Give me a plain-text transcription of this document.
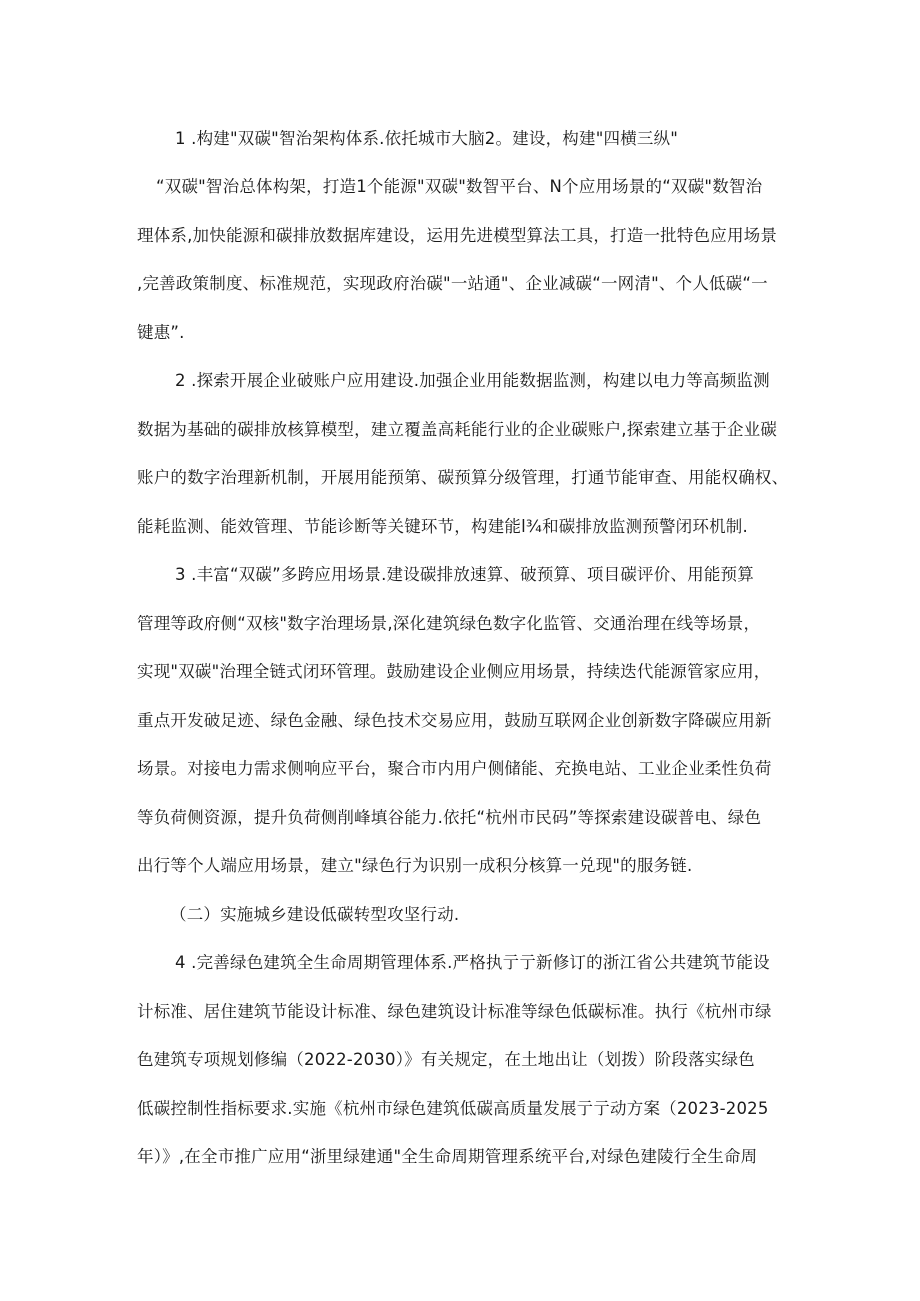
1 .构建"双碳"智治架构体系.依托城市大脑2。建设，构建"四横三纵"
“双碳"智治总体构架，打造1个能源"双碳"数智平台、N个应用场景的“双碳"数智治
理体系,加快能源和碳排放数据库建设，运用先进模型算法工具，打造一批特色应用场景
,完善政策制度、标准规范，实现政府治碳"一站通"、企业减碳“一网清"、个人低碳“一
键惠”.
2 .探索开展企业破账户应用建设.加强企业用能数据监测，构建以电力等高频监测
数据为基础的碳排放核算模型，建立覆盖高耗能行业的企业碳账户,探索建立基于企业碳
账户的数字治理新机制，开展用能预第、碳预算分级管理，打通节能审查、用能权确权、
能耗监测、能效管理、节能诊断等关键环节，构建能l¾和碳排放监测预警闭环机制.
3 .丰富“双碳”多跨应用场景.建设碳排放速算、破预算、项目碳评价、用能预算
管理等政府侧“双核"数字治理场景,深化建筑绿色数字化监管、交通治理在线等场景，
实现"双碳"治理全链式闭环管理。鼓励建设企业侧应用场景，持续迭代能源管家应用，
重点开发破足迹、绿色金融、绿色技术交易应用，鼓励互联网企业创新数字降碳应用新
场景。对接电力需求侧响应平台，聚合市内用户侧储能、充换电站、工业企业柔性负荷
等负荷侧资源，提升负荷侧削峰填谷能力.依托“杭州市民码”等探索建设碳普电、绿色
出行等个人端应用场景，建立"绿色行为识别一成积分核算一兑现"的服务链.
（二）实施城乡建设低碳转型攻坚行动.
4 .完善绿色建筑全生命周期管理体系.严格执亍亍新修订的浙江省公共建筑节能设
计标准、居住建筑节能设计标准、绿色建筑设计标准等绿色低碳标准。执行《杭州市绿
色建筑专项规划修编（2022-2030）》有关规定，在土地出让（划拨）阶段落实绿色
低碳控制性指标要求.实施《杭州市绿色建筑低碳高质量发展亍亍动方案（2023-2025
年）》,在全市推广应用“浙里绿建通"全生命周期管理系统平台,对绿色建陵行全生命周
